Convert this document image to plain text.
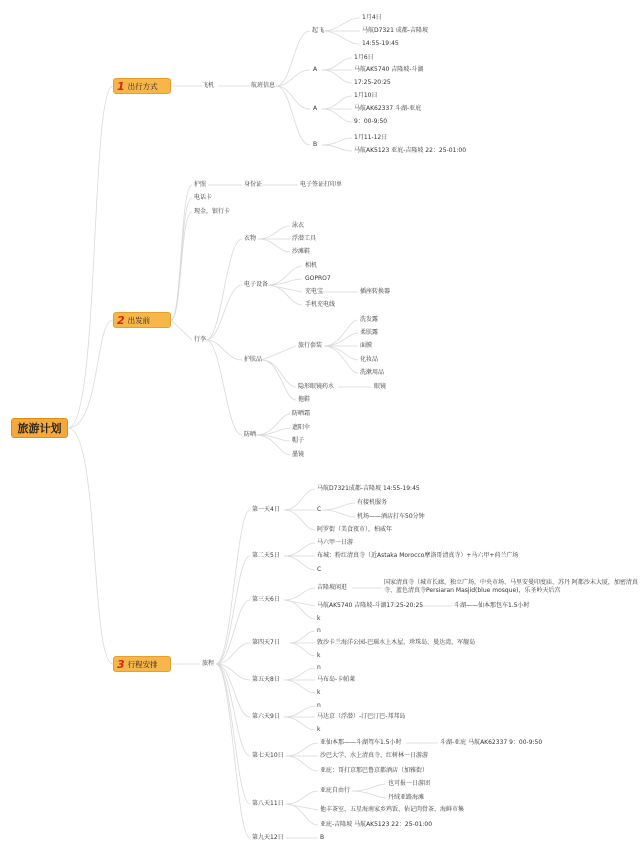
旅游计划
1 出行方式
2 出发前
3 行程安排
飞机	航班信息
起飞
1月4日
马航D7321 成都-吉隆坡
14:55-19:45
A
1月6日
马航AK5740 吉隆坡-斗湖
17:25-20:25
A
1月10日
马航AK62337 斗湖-亚庇
9：00-9:50
B
1月11-12日
马航AK5123 亚庇-吉隆坡 22：25-01:00
护照
电话卡
现金，银行卡
身份证	电子签证打印单
行李
衣物
泳衣
浮潜工具
沙滩鞋
电子设备
相机
GOPRO7
充电宝
手机充电线
插座转换器
护肤品
旅行套装
洗发露
柔肤露
面膜
化妆品
洗漱用品
隐形眼镜药水	眼镜
拖鞋
防晒
防晒霜
遮阳伞
帽子
墨镜
旅程
第一天4日
马航D7321成都-吉隆坡 14:55-19:45
C
有接机服务
机场——酒店打车50分钟
阿罗街（美食夜市），柏威年
第二天5日
马六甲一日游
布城：粉红清真寺（近Astaka Morocco摩洛哥清真寺）+马六甲+荷兰广场
C
第三天6日
吉隆坡闲逛
国家清真寺（城市长廊，独立广场，中央市场、马里安曼印度庙、苏丹 阿都沙末大厦，加密清真寺、蓝色清真寺Persiaran Masjid(blue mosque)，乐圣岭天后宫
马航AK5740 吉隆坡-斗湖17:25-20:25	斗湖——仙本那包车1.5小时
k
第四天7日
n
敦沙卡兰海洋公园-巴瑶水上木屋，珍珠岛，曼达湾，军舰岛
k
第五天8日
n
马布岛-卡帕莱
k
第六天9日
n
马达京（浮潜）-汀巴汀巴-邦邦岛
k
第七天10日
亚仙本那——斗湖驾车1.5小时	斗湖-亚庇 马航AK62337 9：00-9:50
沙巴大学、水上清真寺、红树林一日游游
亚庇：哥打京那巴鲁京都酒店（加雅街）
第八天11日
亚庇自由行
也可报一日游团
丹绒亚路海滩
他丰茶室、五星海南家乡鸡饭、佑记肉骨茶、海鲜市集
亚庇-吉隆坡 马航AK5123 22：25-01:00
第九天12日	B
